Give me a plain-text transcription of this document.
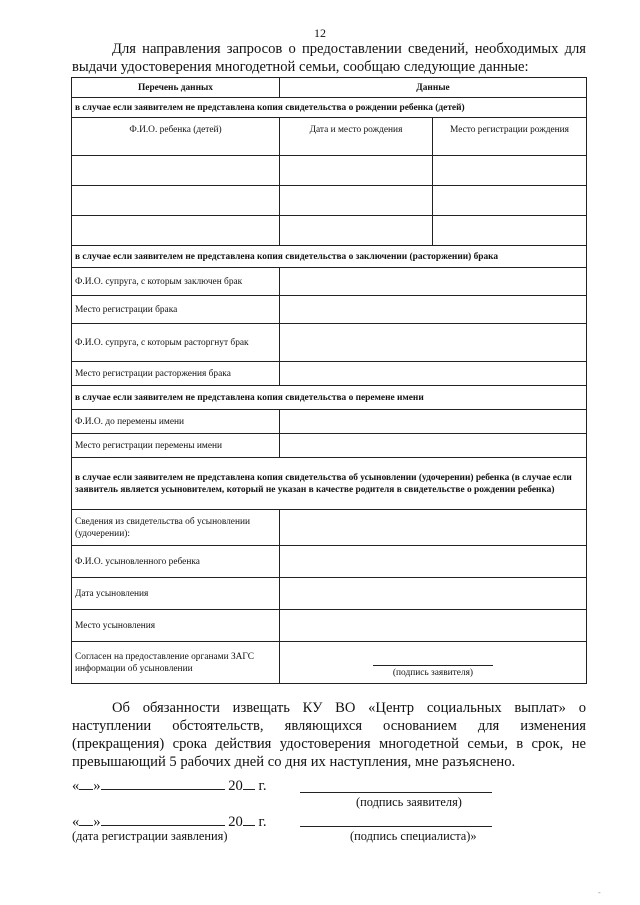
12

Для направления запросов о предоставлении сведений, необходимых для выдачи удостоверения многодетной семьи, сообщаю следующие данные:

Перечень данных	Данные	
в случае если заявителем не представлена копия свидетельства о рождении ребенка (детей)		
Ф.И.О. ребенка (детей)	Дата и место рождения	Место регистрации рождения

в случае если заявителем не представлена копия свидетельства о заключении (расторжении) брака		
Ф.И.О. супруга, с которым заключен брак		
Место регистрации брака		
Ф.И.О. супруга, с которым расторгнут брак		
Место регистрации расторжения брака		
в случае если заявителем не представлена копия свидетельства о перемене имени		
Ф.И.О. до перемены имени		
Место регистрации перемены имени		
в случае если заявителем не представлена копия свидетельства об усыновлении (удочерении) ребенка (в случае если заявитель является усыновителем, который не указан в качестве родителя в свидетельстве о рождении ребенка)		
Сведения из свидетельства об усыновлении (удочерении):		
Ф.И.О. усыновленного ребенка		
Дата усыновления		
Место усыновления		
Согласен на предоставление органами ЗАГС информации об усыновлении	(подпись заявителя)	

Об обязанности извещать КУ ВО «Центр социальных выплат» о наступлении обстоятельств, являющихся основанием для изменения (прекращения) срока действия удостоверения многодетной семьи, в срок, не превышающий 5 рабочих дней со дня их наступления, мне разъяснено.

« »	20 г.
(подпись заявителя)
« »	20 г.
(дата регистрации заявления)	(подпись специалиста)»
-
